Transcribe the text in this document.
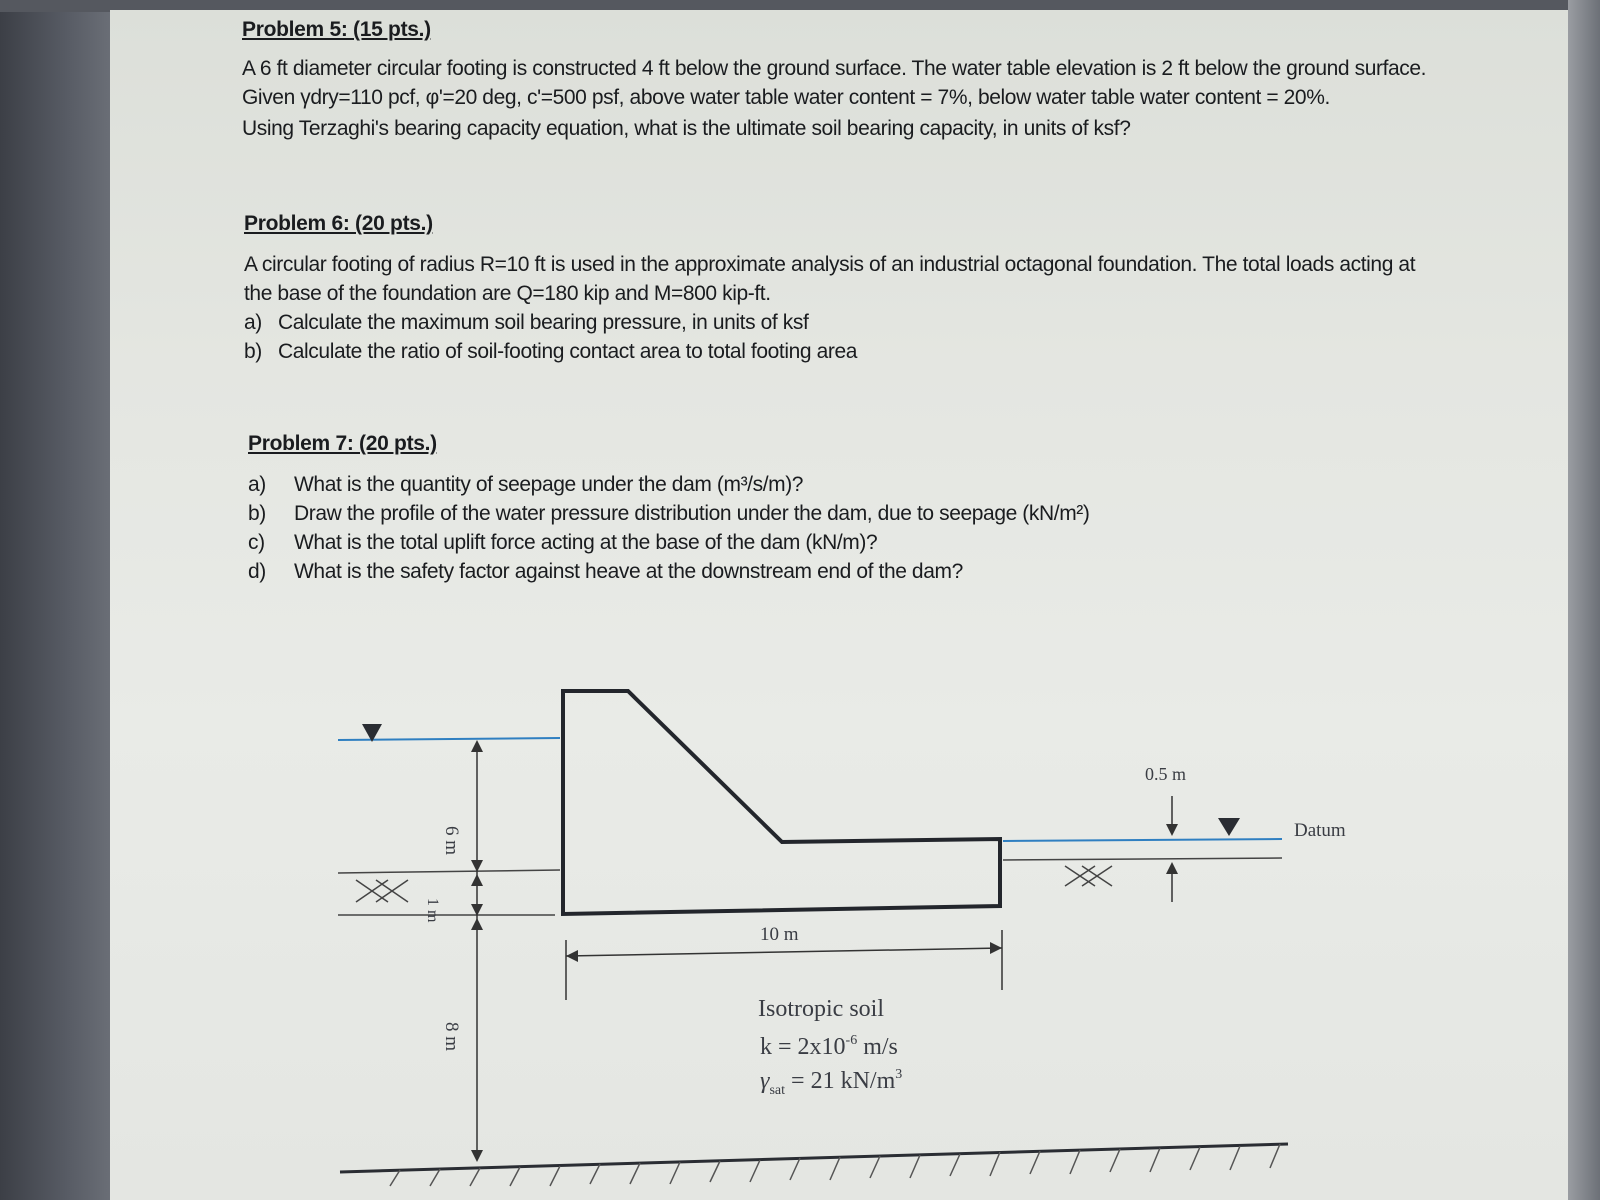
Problem 5: (15 pts.)
A 6 ft diameter circular footing is constructed 4 ft below the ground surface. The water table elevation is 2 ft below the ground surface. Given γdry=110 pcf, φ'=20 deg, c'=500 psf, above water table water content = 7%, below water table water content = 20%.
Using Terzaghi's bearing capacity equation, what is the ultimate soil bearing capacity, in units of ksf?
Problem 6: (20 pts.)
A circular footing of radius R=10 ft is used in the approximate analysis of an industrial octagonal foundation. The total loads acting at the base of the foundation are Q=180 kip and M=800 kip-ft.
a) Calculate the maximum soil bearing pressure, in units of ksf
b) Calculate the ratio of soil-footing contact area to total footing area
Problem 7: (20 pts.)
a)	What is the quantity of seepage under the dam (m³/s/m)?
b)	Draw the profile of the water pressure distribution under the dam, due to seepage (kN/m²)
c)	What is the total uplift force acting at the base of the dam (kN/m)?
d)	What is the safety factor against heave at the downstream end of the dam?
0.5 m
Datum
6 m
1 m
8 m
10 m
Isotropic soil
$k = 2x10^{-6}$ m/s
$\gamma_{sat} = 21$ $kN/m^3$
